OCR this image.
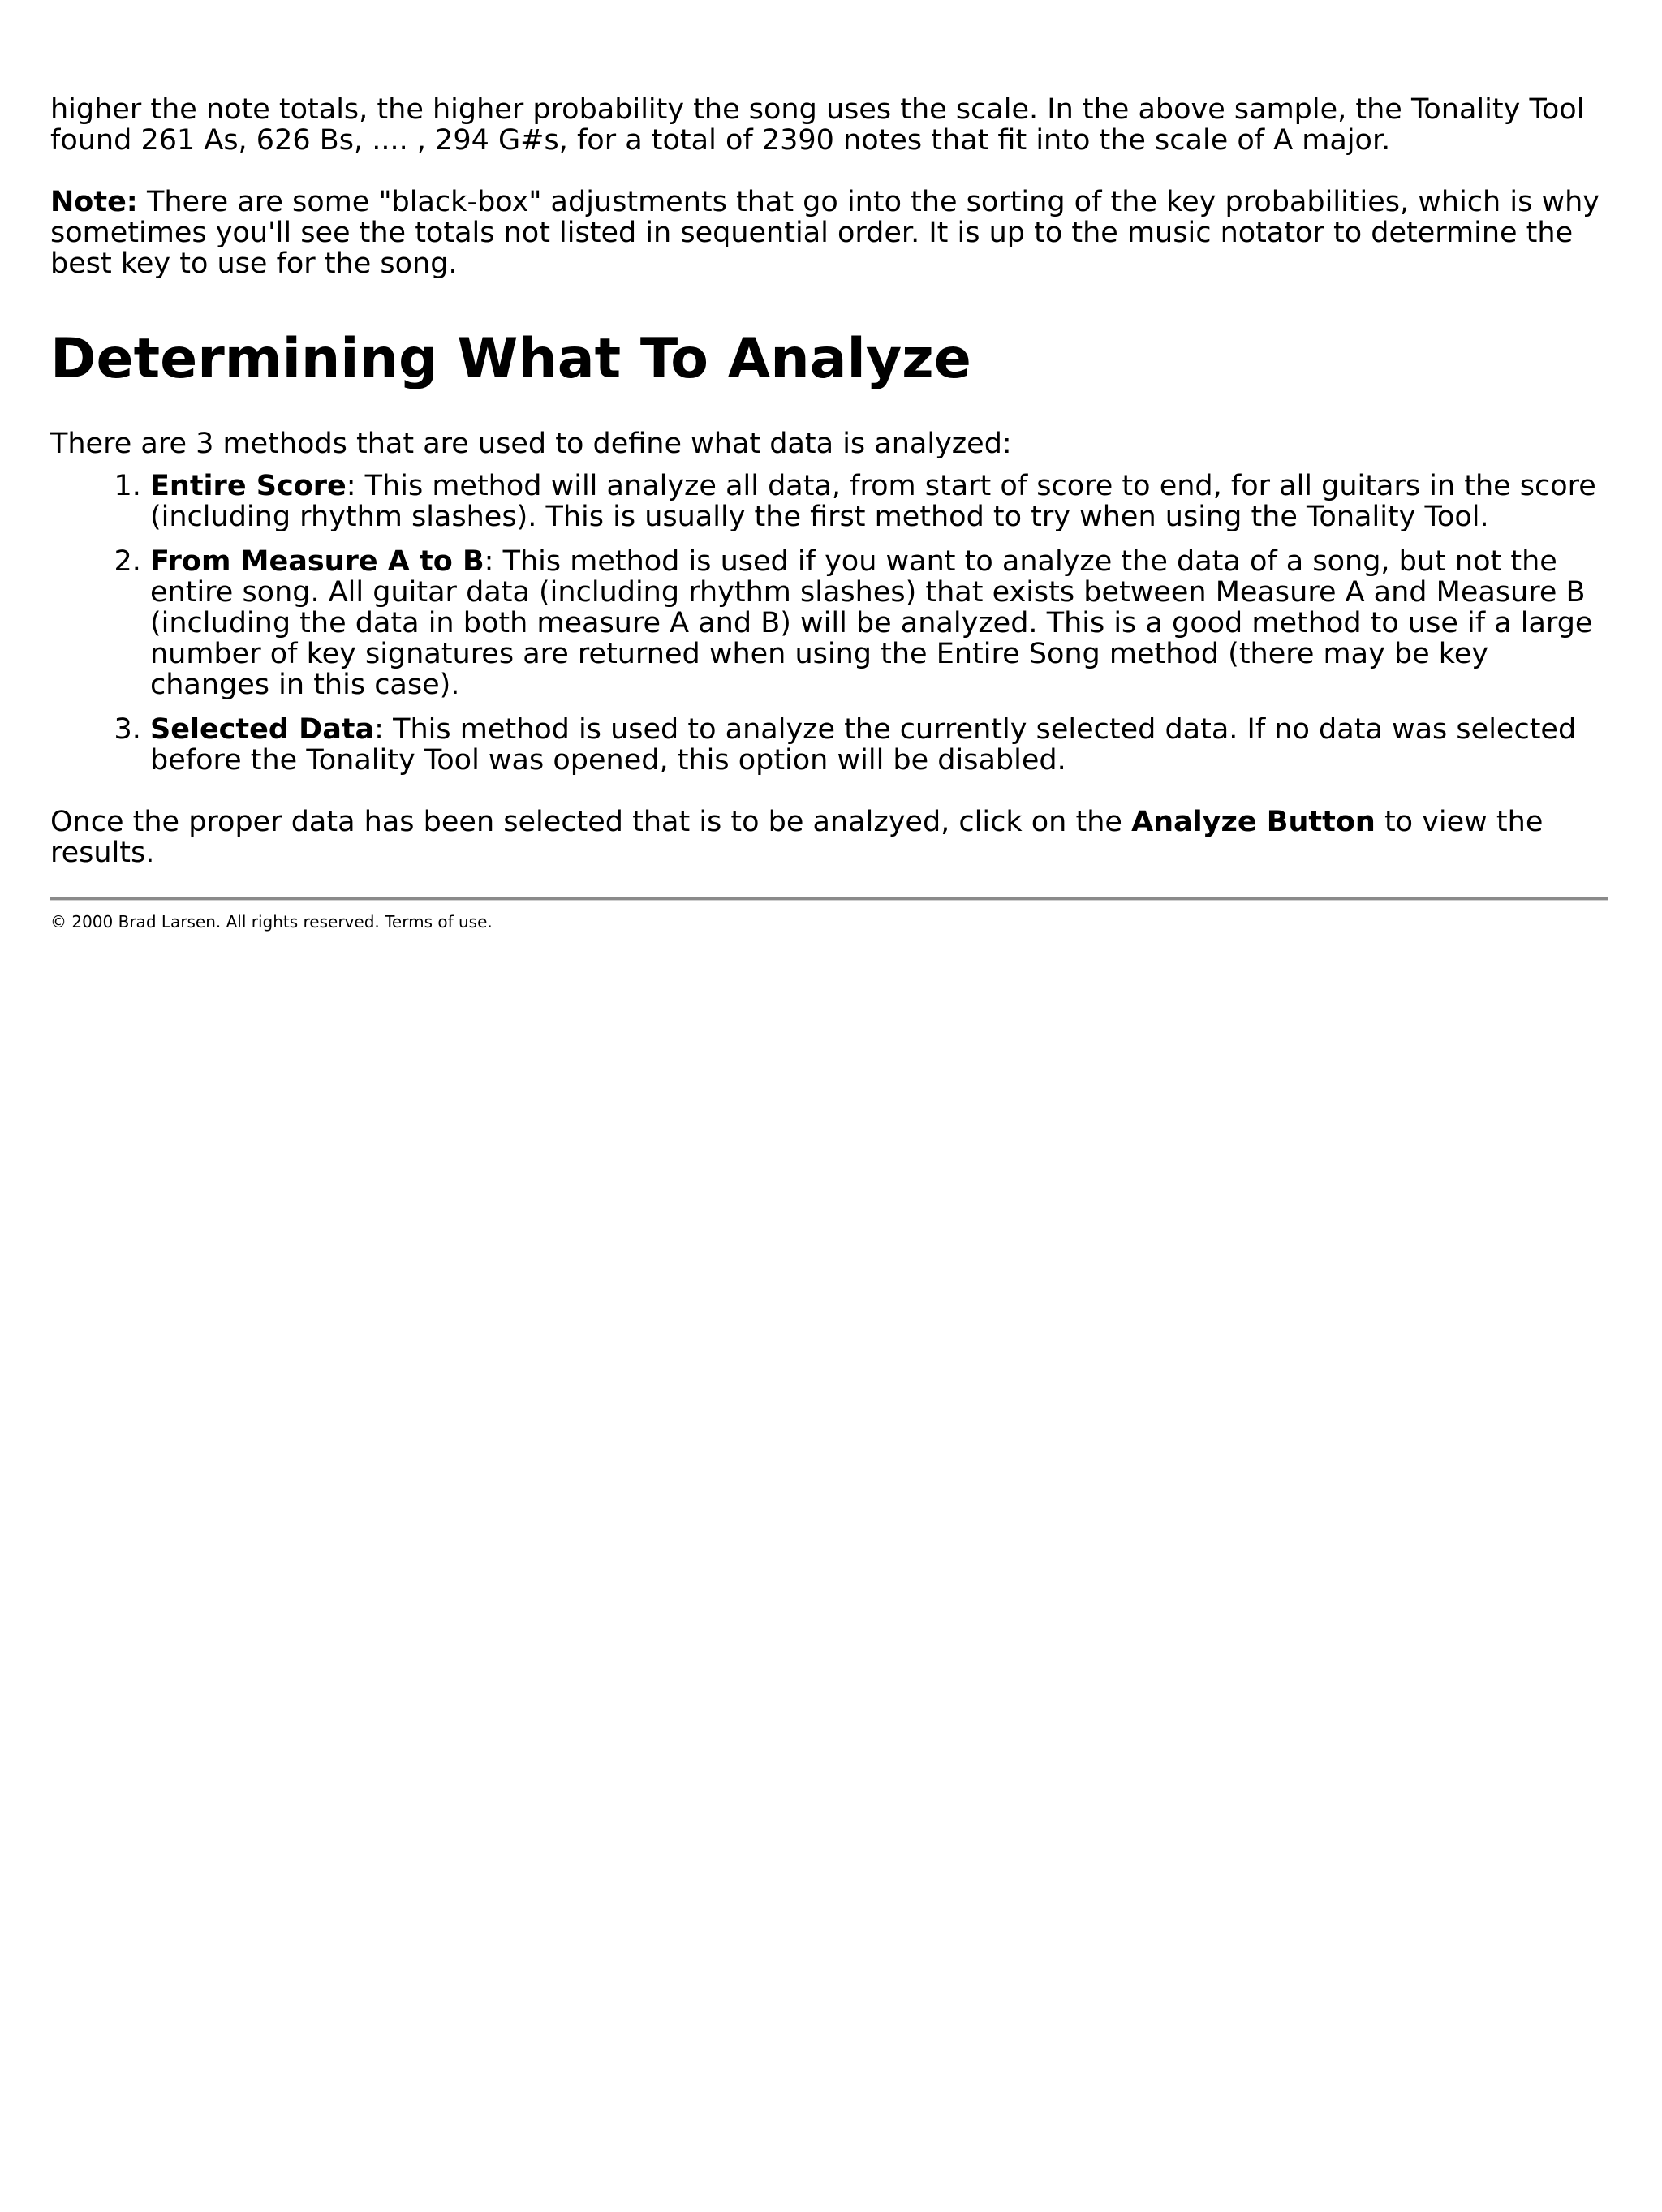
higher the note totals, the higher probability the song uses the scale. In the above sample, the Tonality Tool found 261 As, 626 Bs, .... , 294 G#s, for a total of 2390 notes that fit into the scale of A major.

Note: There are some "black-box" adjustments that go into the sorting of the key probabilities, which is why sometimes you'll see the totals not listed in sequential order. It is up to the music notator to determine the best key to use for the song.

Determining What To Analyze

There are 3 methods that are used to define what data is analyzed:

1. Entire Score: This method will analyze all data, from start of score to end, for all guitars in the score (including rhythm slashes). This is usually the first method to try when using the Tonality Tool.
2. From Measure A to B: This method is used if you want to analyze the data of a song, but not the entire song. All guitar data (including rhythm slashes) that exists between Measure A and Measure B (including the data in both measure A and B) will be analyzed. This is a good method to use if a large number of key signatures are returned when using the Entire Song method (there may be key changes in this case).
3. Selected Data: This method is used to analyze the currently selected data. If no data was selected before the Tonality Tool was opened, this option will be disabled.

Once the proper data has been selected that is to be analzyed, click on the Analyze Button to view the results.

© 2000 Brad Larsen. All rights reserved. Terms of use.
